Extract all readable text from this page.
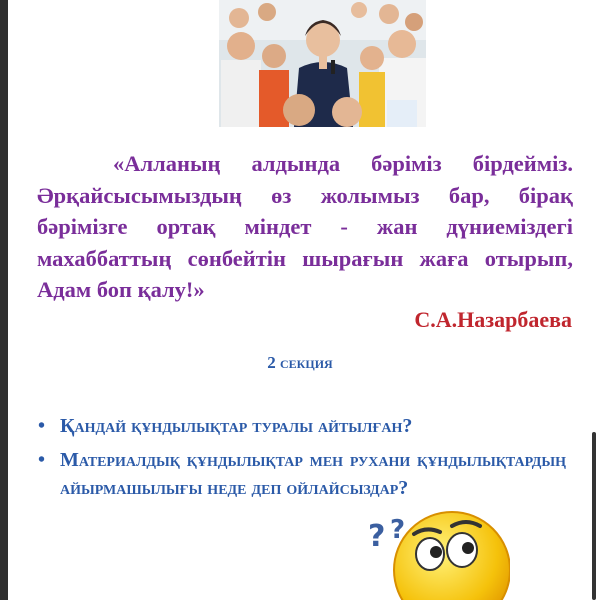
«Алланың алдында бәріміз бірдейміз. Әрқайсысымыздың өз жолымыз бар, бірақ бәрімізге ортақ міндет - жан дүниеміздегі махаббаттың сөнбейтін шырағын жаға отырып, Адам боп қалу!»
С.А.Назарбаева
2 секция
• Қандай құндылықтар туралы айтылған?
• Материалдық құндылықтар мен рухани құндылықтардың айырмашылығы неде деп ойлайсыздар?
? ?
